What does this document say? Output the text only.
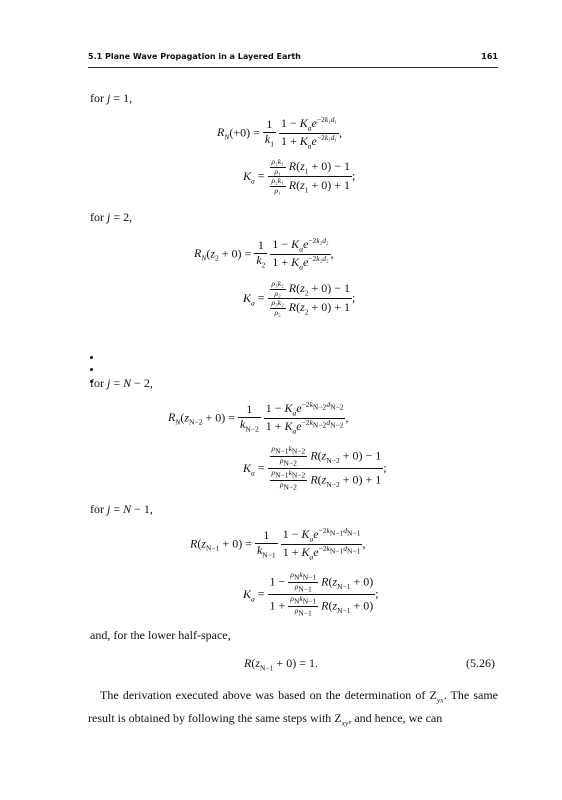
5.1 Plane Wave Propagation in a Layered Earth	161
for j = 1,
$R_N(+0) = \frac{1}{k_1}$
$\frac{1 - K_ae^{-2k_1d_1}}{1 + K_ae^{-2k_1d_1}}$ ,
$K_a = \frac{\frac{\text{ρ₂k₁}}{\text{ρ₁}} R(z_1 + 0) - 1}{\frac{\text{ρ₂k₁}}{\text{ρ₁}} R(z_1 + 0) + 1}$ ;
for j = 2,
$R_N(z_2 + 0) = \frac{1}{k_2}$
$\frac{1 - K_ae^{-2k_2d_2}}{1 + K_ae^{-2k_2d_2}}$ ,
$K_a = \frac{\frac{\text{ρ₃k₂}}{\text{ρ₂}} R(z_2 + 0) - 1}{\frac{\text{ρ₃k₂}}{\text{ρ₂}} R(z_2 + 0) + 1}$ ;
for j = N − 2,
$R_N(z_{N-2} + 0) = \frac{1}{k_{N-2}}$
$\frac{1 - K_ae^{-2k_{N-2}d_{N-2}}}{1 + K_ae^{-2k_{N-2}d_{N-2}}}$ ,
$K_a = \frac{\frac{\rho_{N-1}k_{N-2}}{\rho_{N-2}} R(z_{N-2} + 0) - 1}{\frac{\rho_{N-1}k_{N-2}}{\rho_{N-2}} R(z_{N-2} + 0) + 1}$ ;
for j = N − 1,
$R(z_{N-1} + 0) = \frac{1}{k_{N-1}}$
$\frac{1 - K_ae^{-2k_{N-1}d_{N-1}}}{1 + K_ae^{-2k_{N-1}d_{N-1}}}$ ,
$K_a = \frac{1 - \frac{\rho_Nk_{N-1}}{\rho_{N-1}} R(z_{N-1} + 0)}{1 + \frac{\rho_Nk_{N-1}}{\rho_{N-1}} R(z_{N-1} + 0)}$ ;
and, for the lower half-space,
$R(z_{N-1} + 0) = 1$.	(5.26)
The derivation executed above was based on the determination of $Z_{yx}$. The same result is obtained by following the same steps with $Z_{xy}$, and hence, we can
